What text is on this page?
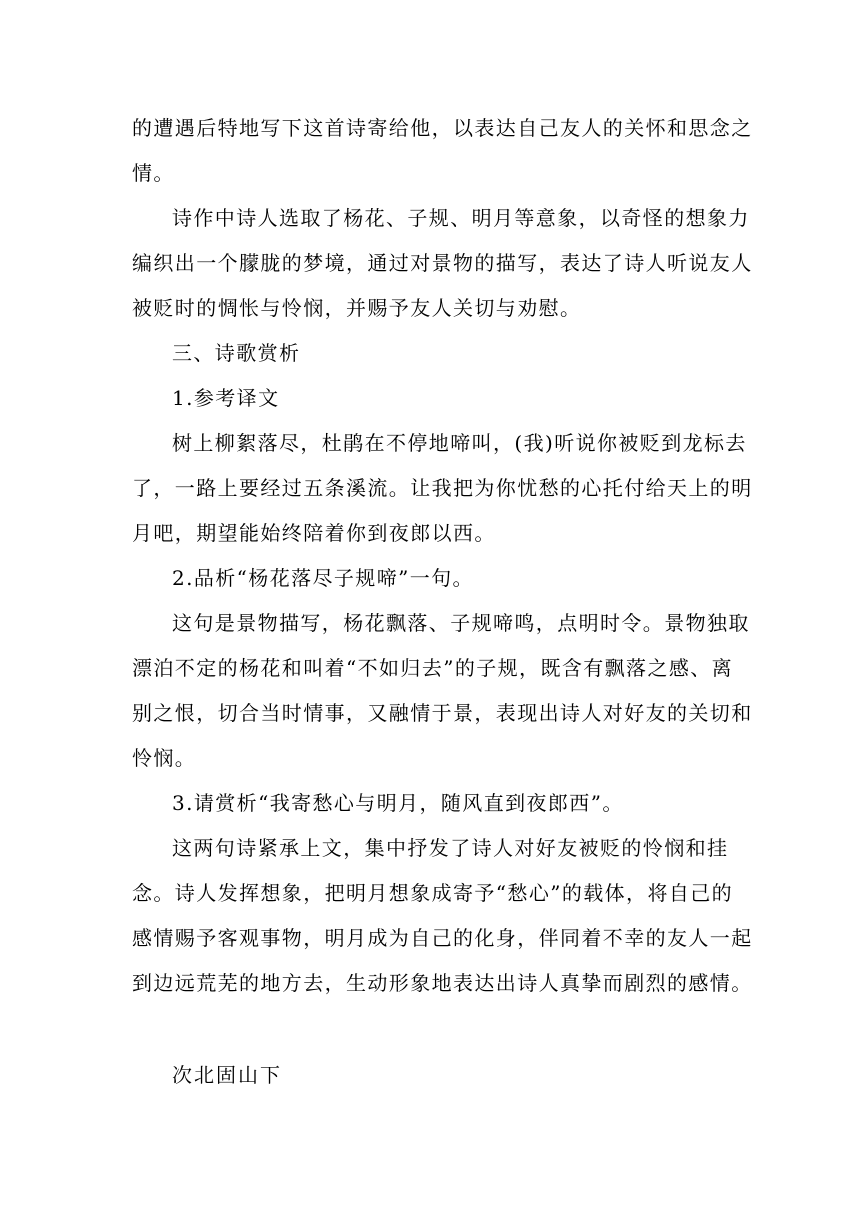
的遭遇后特地写下这首诗寄给他，以表达自己友人的关怀和思念之
情。
诗作中诗人选取了杨花、子规、明月等意象，以奇怪的想象力
编织出一个朦胧的梦境，通过对景物的描写，表达了诗人听说友人
被贬时的惆怅与怜悯，并赐予友人关切与劝慰。
三、诗歌赏析
1.参考译文
树上柳絮落尽，杜鹃在不停地啼叫，(我)听说你被贬到龙标去
了，一路上要经过五条溪流。让我把为你忧愁的心托付给天上的明
月吧，期望能始终陪着你到夜郎以西。
2.品析“杨花落尽子规啼”一句。
这句是景物描写，杨花飘落、子规啼鸣，点明时令。景物独取
漂泊不定的杨花和叫着“不如归去”的子规，既含有飘落之感、离
别之恨，切合当时情事，又融情于景，表现出诗人对好友的关切和
怜悯。
3.请赏析“我寄愁心与明月，随风直到夜郎西”。
这两句诗紧承上文，集中抒发了诗人对好友被贬的怜悯和挂
念。诗人发挥想象，把明月想象成寄予“愁心”的载体，将自己的
感情赐予客观事物，明月成为自己的化身，伴同着不幸的友人一起
到边远荒芜的地方去，生动形象地表达出诗人真挚而剧烈的感情。
次北固山下
